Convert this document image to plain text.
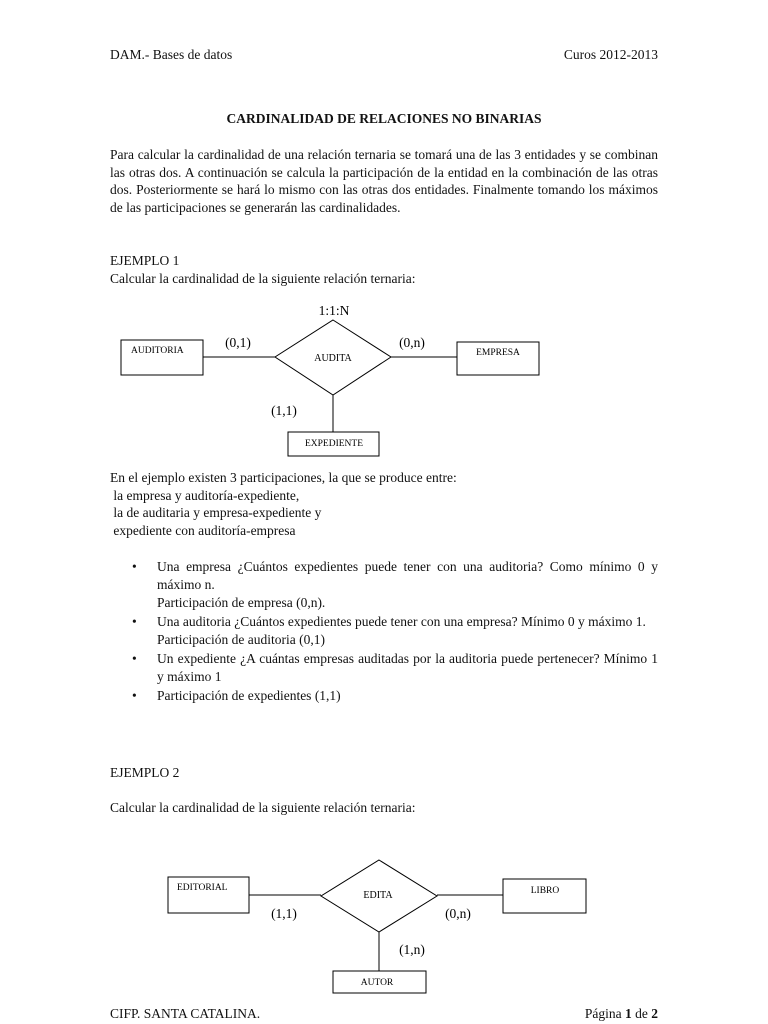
DAM.- Bases de datos	Curos 2012-2013
CARDINALIDAD DE RELACIONES NO BINARIAS
Para calcular la cardinalidad de una relación ternaria se tomará una de las 3 entidades y se combinan las otras dos. A continuación se calcula la participación de la entidad en la combinación de las otras dos. Posteriormente se hará lo mismo con las otras dos entidades. Finalmente tomando los máximos de las participaciones se generarán las cardinalidades.
EJEMPLO 1
Calcular la cardinalidad de la siguiente relación ternaria:
AUDITA
AUDITORIA	EMPRESA
EXPEDIENTE
1:1:N
(0,1)	(0,n)
(1,1)
En el ejemplo existen 3 participaciones, la que se produce entre:
la empresa y auditoría-expediente,
la de auditaria y empresa-expediente y
expediente con auditoría-empresa
• Una empresa ¿Cuántos expedientes puede tener con una auditoria? Como mínimo 0 y máximo n.
Participación de empresa (0,n).
• Una auditoria ¿Cuántos expedientes puede tener con una empresa? Mínimo 0 y máximo 1.
Participación de auditoria (0,1)
• Un expediente ¿A cuántas empresas auditadas por la auditoria puede pertenecer? Mínimo 1 y máximo 1
• Participación de expedientes (1,1)
EJEMPLO 2
Calcular la cardinalidad de la siguiente relación ternaria:
EDITA
EDITORIAL	LIBRO
AUTOR
(1,1)	(0,n)
(1,n)
CIFP. SANTA CATALINA.	Página 1 de 2
